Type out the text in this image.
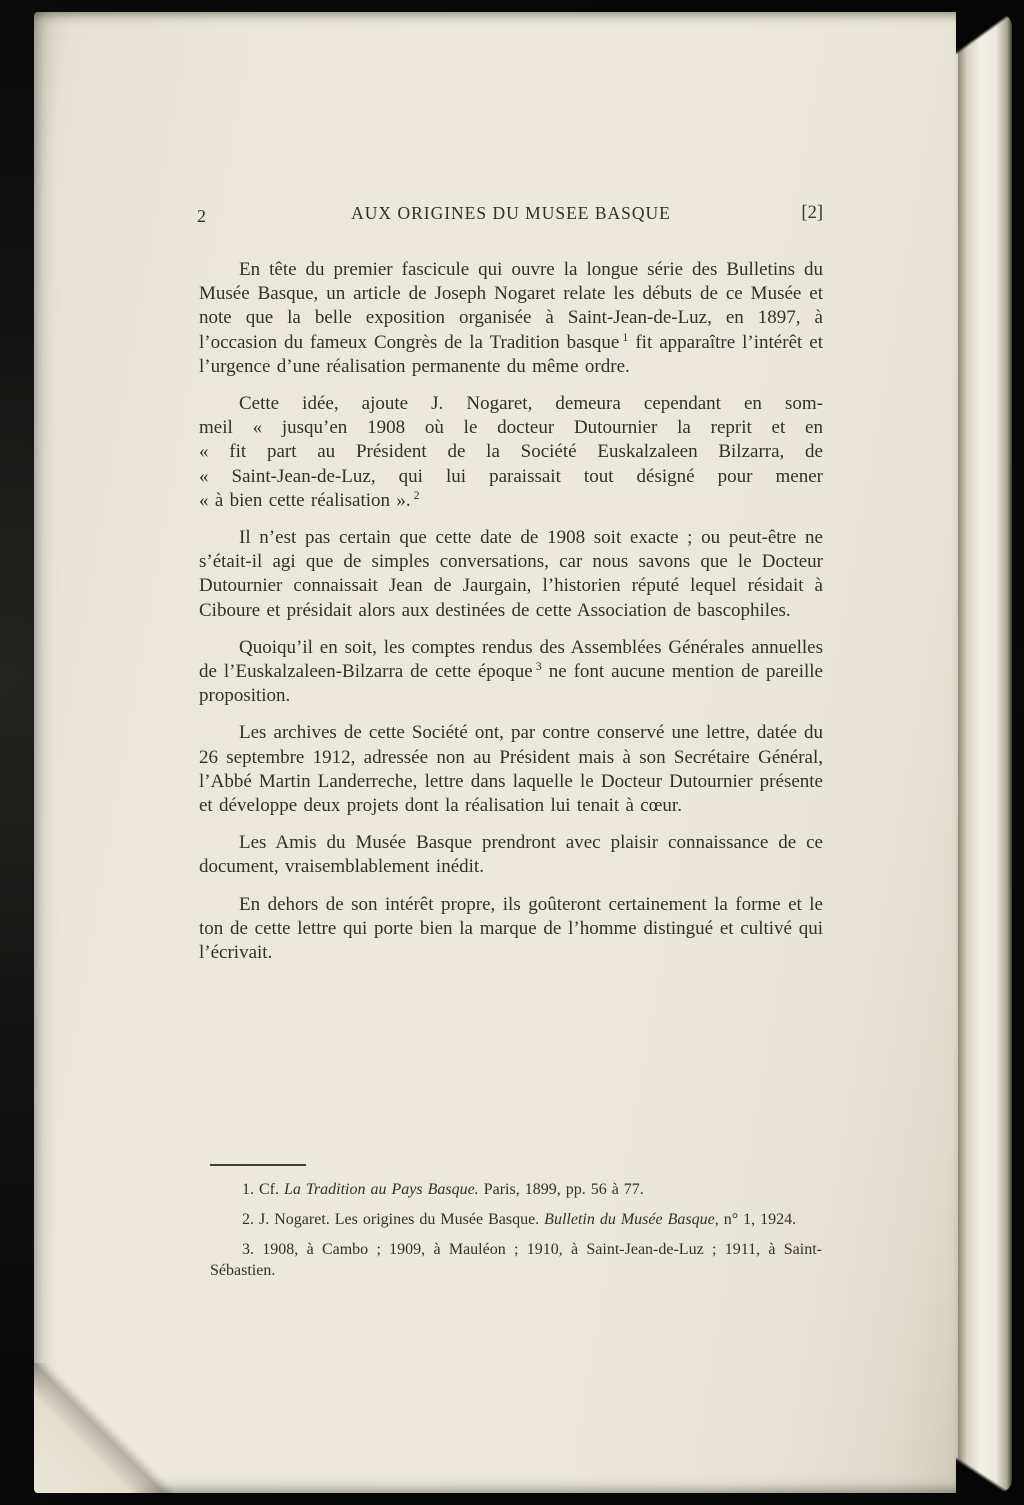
2	AUX ORIGINES DU MUSEE BASQUE	[2]

En tête du premier fascicule qui ouvre la longue série des Bulletins du Musée Basque, un article de Joseph Nogaret relate les débuts de ce Musée et note que la belle exposition organisée à Saint-Jean-de-Luz, en 1897, à l’occasion du fameux Congrès de la Tradition basque $^1$ fit apparaître l’intérêt et l’urgence d’une réalisation permanente du même ordre.

Cette idée, ajoute J. Nogaret, demeura cependant en som-
meil « jusqu’en 1908 où le docteur Dutournier la reprit et en
« fit part au Président de la Société Euskalzaleen Bilzarra, de
« Saint-Jean-de-Luz, qui lui paraissait tout désigné pour mener
« à bien cette réalisation ». $^2$

Il n’est pas certain que cette date de 1908 soit exacte ; ou peut-être ne s’était-il agi que de simples conversations, car nous savons que le Docteur Dutournier connaissait Jean de Jaurgain, l’historien réputé lequel résidait à Ciboure et présidait alors aux destinées de cette Association de bascophiles.

Quoiqu’il en soit, les comptes rendus des Assemblées Générales annuelles de l’Euskalzaleen-Bilzarra de cette époque $^3$ ne font aucune mention de pareille proposition.

Les archives de cette Société ont, par contre conservé une lettre, datée du 26 septembre 1912, adressée non au Président mais à son Secrétaire Général, l’Abbé Martin Landerreche, lettre dans laquelle le Docteur Dutournier présente et développe deux projets dont la réalisation lui tenait à cœur.

Les Amis du Musée Basque prendront avec plaisir connaissance de ce document, vraisemblablement inédit.

En dehors de son intérêt propre, ils goûteront certainement la forme et le ton de cette lettre qui porte bien la marque de l’homme distingué et cultivé qui l’écrivait.

1. Cf. La Tradition au Pays Basque. Paris, 1899, pp. 56 à 77.

2. J. Nogaret. Les origines du Musée Basque. Bulletin du Musée Basque, n° 1, 1924.

3. 1908, à Cambo ; 1909, à Mauléon ; 1910, à Saint-Jean-de-Luz ; 1911, à Saint-Sébastien.
